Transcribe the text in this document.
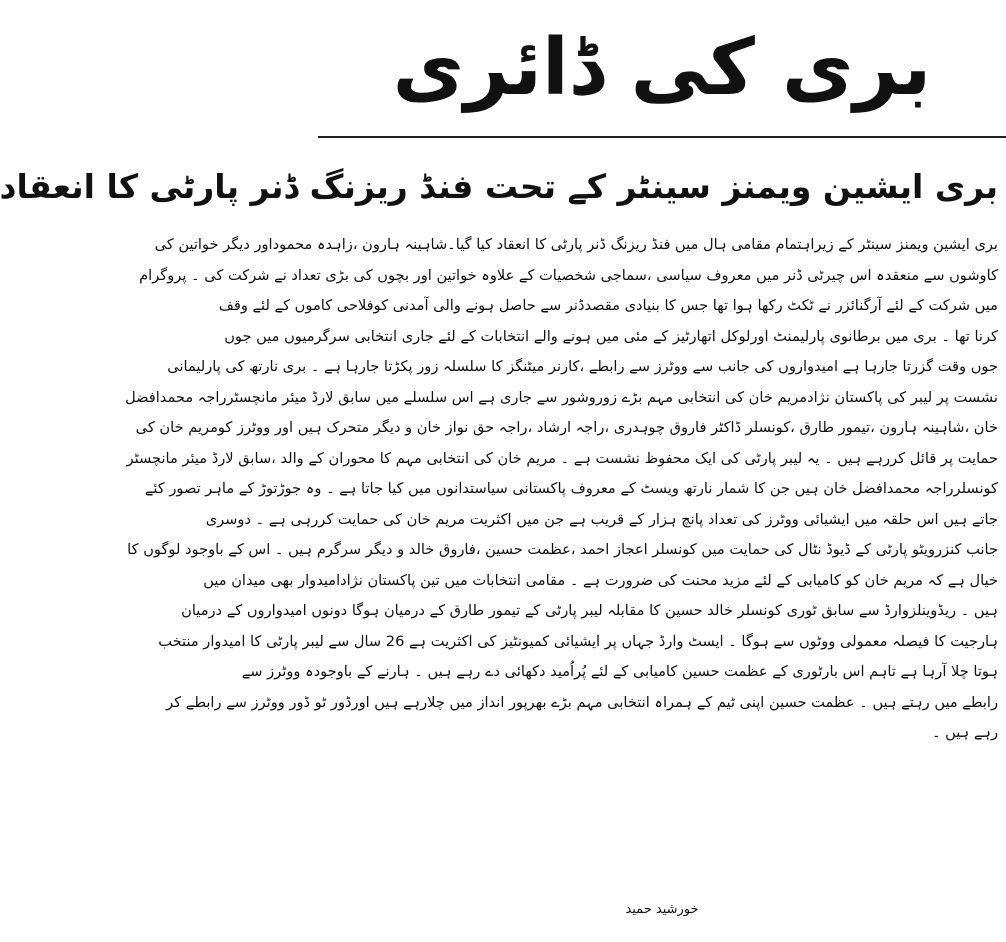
بری کی ڈائری
بری ایشین ویمنز سینٹر کے تحت فنڈ ریزنگ ڈنر پارٹی کا انعقاد
بری ایشین ویمنز سینٹر کے زیراہتمام مقامی ہال میں فنڈ ریزنگ ڈنر پارٹی کا انعقاد کیا گیا۔شاہینہ ہارون ،زاہدہ محموداور دیگر خواتین کی
کاوشوں سے منعقدہ اس چیرٹی ڈنر میں معروف سیاسی ،سماجی شخصیات کے علاوہ خواتین اور بچوں کی بڑی تعداد نے شرکت کی ۔ پروگرام
میں شرکت کے لئے آرگنائزر نے ٹکٹ رکھا ہوا تھا جس کا بنیادی مقصدڈنر سے حاصل ہونے والی آمدنی کوفلاحی کاموں کے لئے وقف
کرنا تھا ۔ بری میں برطانوی پارلیمنٹ اورلوکل اتھارٹیز کے مئی میں ہونے والے انتخابات کے لئے جاری انتخابی سرگرمیوں میں جوں
جوں وقت گزرتا جارہا ہے امیدواروں کی جانب سے ووٹرز سے رابطے ،کارنر میٹنگز کا سلسلہ زور پکڑتا جارہا ہے ۔ بری نارتھ کی پارلیمانی
نشست پر لیبر کی پاکستان نژادمریم خان کی انتخابی مہم بڑے زوروشور سے جاری ہے اس سلسلے میں سابق لارڈ میئر مانچسٹرراجہ محمدافضل
خان ،شاہینہ ہارون ،تیمور طارق ،کونسلر ڈاکٹر فاروق چوہدری ،راجہ ارشاد ،راجہ حق نواز خان و دیگر متحرک ہیں اور ووٹرز کومریم خان کی
حمایت پر قائل کررہے ہیں ۔ یہ لیبر پارٹی کی ایک محفوظ نشست ہے ۔ مریم خان کی انتخابی مہم کا محوران کے والد ،سابق لارڈ میئر مانچسٹر
کونسلرراجہ محمدافضل خان ہیں جن کا شمار نارتھ ویسٹ کے معروف پاکستانی سیاستدانوں میں کیا جاتا ہے ۔ وہ جوڑتوڑ کے ماہر تصور کئے
جاتے ہیں اس حلقہ میں ایشیائی ووٹرز کی تعداد پانچ ہزار کے قریب ہے جن میں اکثریت مریم خان کی حمایت کررہی ہے ۔ دوسری
جانب کنزرویٹو پارٹی کے ڈیوڈ نٹال کی حمایت میں کونسلر اعجاز احمد ،عظمت حسین ،فاروق خالد و دیگر سرگرم ہیں ۔ اس کے باوجود لوگوں کا
خیال ہے کہ مریم خان کو کامیابی کے لئے مزید محنت کی ضرورت ہے ۔ مقامی انتخابات میں تین پاکستان نژادامیدوار بھی میدان میں
ہیں ۔ ریڈوینلزوارڈ سے سابق ٹوری کونسلر خالد حسین کا مقابلہ لیبر پارٹی کے تیمور طارق کے درمیان ہوگا دونوں امیدواروں کے درمیان
ہارجیت کا فیصلہ معمولی ووٹوں سے ہوگا ۔ ایسٹ وارڈ جہاں پر ایشیائی کمیونٹیز کی اکثریت ہے 26 سال سے لیبر پارٹی کا امیدوار منتخب
ہوتا چلا آرہا ہے تاہم اس بارٹوری کے عظمت حسین کامیابی کے لئے پُراُمید دکھائی دے رہے ہیں ۔ ہارنے کے باوجودہ ووٹرز سے
رابطے میں رہتے ہیں ۔ عظمت حسین اپنی ٹیم کے ہمراہ انتخابی مہم بڑے بھرپور انداز میں چلارہے ہیں اورڈور ٹو ڈور ووٹرز سے رابطے کر
رہے ہیں ۔
خورشید حمید
